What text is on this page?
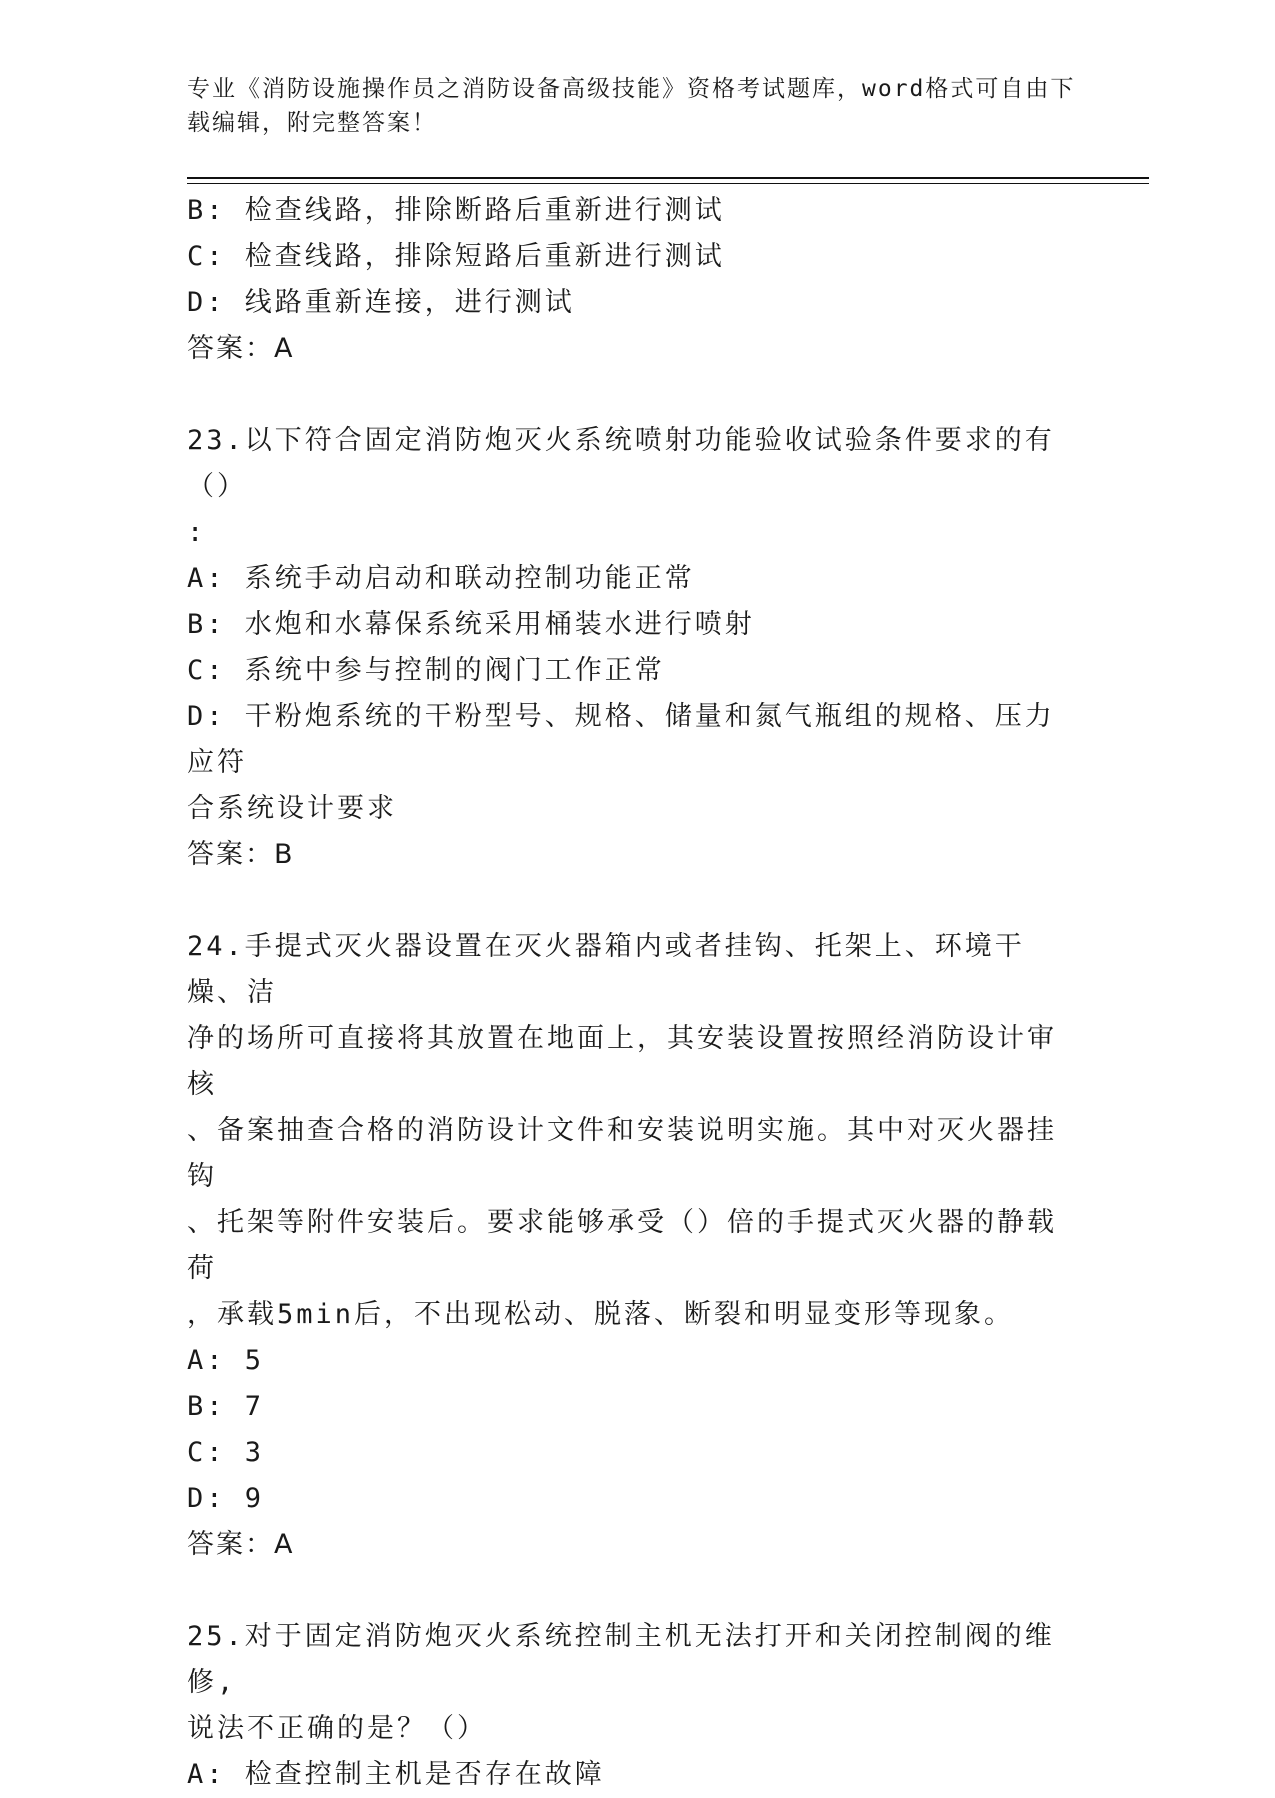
专业《消防设施操作员之消防设备高级技能》资格考试题库，word格式可自由下
载编辑，附完整答案！
B: 检查线路，排除断路后重新进行测试
C: 检查线路，排除短路后重新进行测试
D: 线路重新连接，进行测试
答案：A
23.以下符合固定消防炮灭火系统喷射功能验收试验条件要求的有（）
:
A: 系统手动启动和联动控制功能正常
B: 水炮和水幕保系统采用桶装水进行喷射
C: 系统中参与控制的阀门工作正常
D: 干粉炮系统的干粉型号、规格、储量和氮气瓶组的规格、压力应符
合系统设计要求
答案：B
24.手提式灭火器设置在灭火器箱内或者挂钩、托架上、环境干燥、洁
净的场所可直接将其放置在地面上，其安装设置按照经消防设计审核
、备案抽查合格的消防设计文件和安装说明实施。其中对灭火器挂钩
、托架等附件安装后。要求能够承受（）倍的手提式灭火器的静载荷
，承载5min后，不出现松动、脱落、断裂和明显变形等现象。
A: 5
B: 7
C: 3
D: 9
答案：A
25.对于固定消防炮灭火系统控制主机无法打开和关闭控制阀的维修,
说法不正确的是？（）
A: 检查控制主机是否存在故障
